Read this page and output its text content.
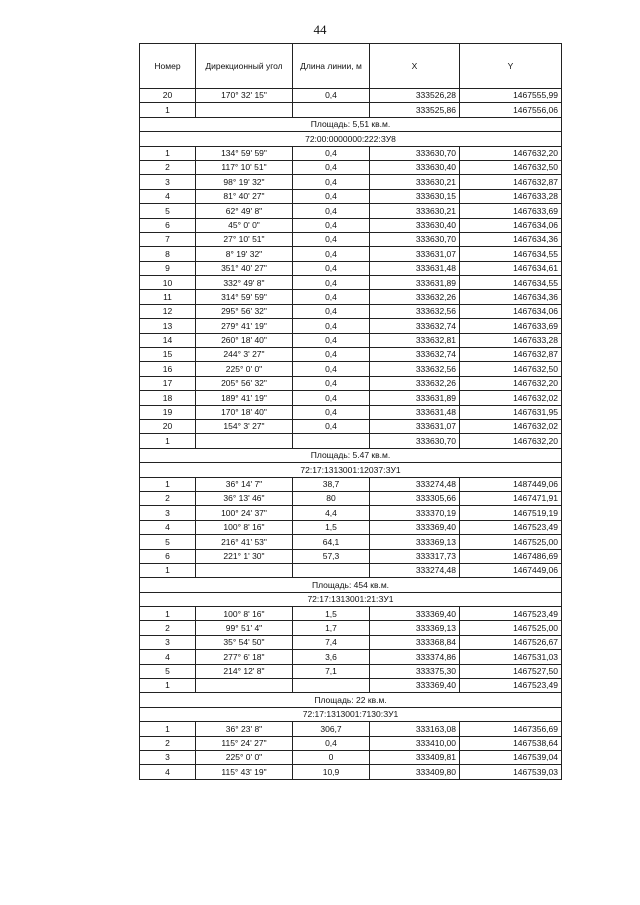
44
Номер	Дирекционный угол	Длина линии, м	X	Y
20	170° 32' 15"	0,4	333526,28	1467555,99
1			333525,86	1467556,06
Площадь: 5,51 кв.м.				
72:00:0000000:222:ЗУ8				
1	134° 59' 59"	0,4	333630,70	1467632,20
2	117° 10' 51"	0,4	333630,40	1467632,50
3	98° 19' 32"	0,4	333630,21	1467632,87
4	81° 40' 27"	0,4	333630,15	1467633,28
5	62° 49' 8"	0,4	333630,21	1467633,69
6	45° 0' 0"	0,4	333630,40	1467634,06
7	27° 10' 51"	0,4	333630,70	1467634,36
8	8° 19' 32"	0,4	333631,07	1467634,55
9	351° 40' 27"	0,4	333631,48	1467634,61
10	332° 49' 8"	0,4	333631,89	1467634,55
11	314° 59' 59"	0,4	333632,26	1467634,36
12	295° 56' 32"	0,4	333632,56	1467634,06
13	279° 41' 19"	0,4	333632,74	1467633,69
14	260° 18' 40"	0,4	333632,81	1467633,28
15	244° 3' 27"	0,4	333632,74	1467632,87
16	225° 0' 0"	0,4	333632,56	1467632,50
17	205° 56' 32"	0,4	333632,26	1467632,20
18	189° 41' 19"	0,4	333631,89	1467632,02
19	170° 18' 40"	0,4	333631,48	1467631,95
20	154° 3' 27"	0,4	333631,07	1467632,02
1			333630,70	1467632,20
Площадь: 5.47 кв.м.				
72:17:1313001:12037:ЗУ1				
1	36° 14' 7"	38,7	333274,48	1487449,06
2	36° 13' 46"	80	333305,66	1467471,91
3	100° 24' 37"	4,4	333370,19	1467519,19
4	100° 8' 16"	1,5	333369,40	1467523,49
5	216° 41' 53"	64,1	333369,13	1467525,00
6	221° 1' 30"	57,3	333317,73	1467486,69
1			333274,48	1467449,06
Площадь: 454 кв.м.				
72:17:1313001:21:ЗУ1				
1	100° 8' 16"	1,5	333369,40	1467523,49
2	99° 51' 4"	1,7	333369,13	1467525,00
3	35° 54' 50"	7,4	333368,84	1467526,67
4	277° 6' 18"	3,6	333374,86	1467531,03
5	214° 12' 8"	7,1	333375,30	1467527,50
1			333369,40	1467523,49
Площадь: 22 кв.м.				
72:17:1313001:7130:ЗУ1				
1	36° 23' 8"	306,7	333163,08	1467356,69
2	115° 24' 27"	0,4	333410,00	1467538,64
3	225° 0' 0"	0	333409,81	1467539,04
4	115° 43' 19"	10,9	333409,80	1467539,03
